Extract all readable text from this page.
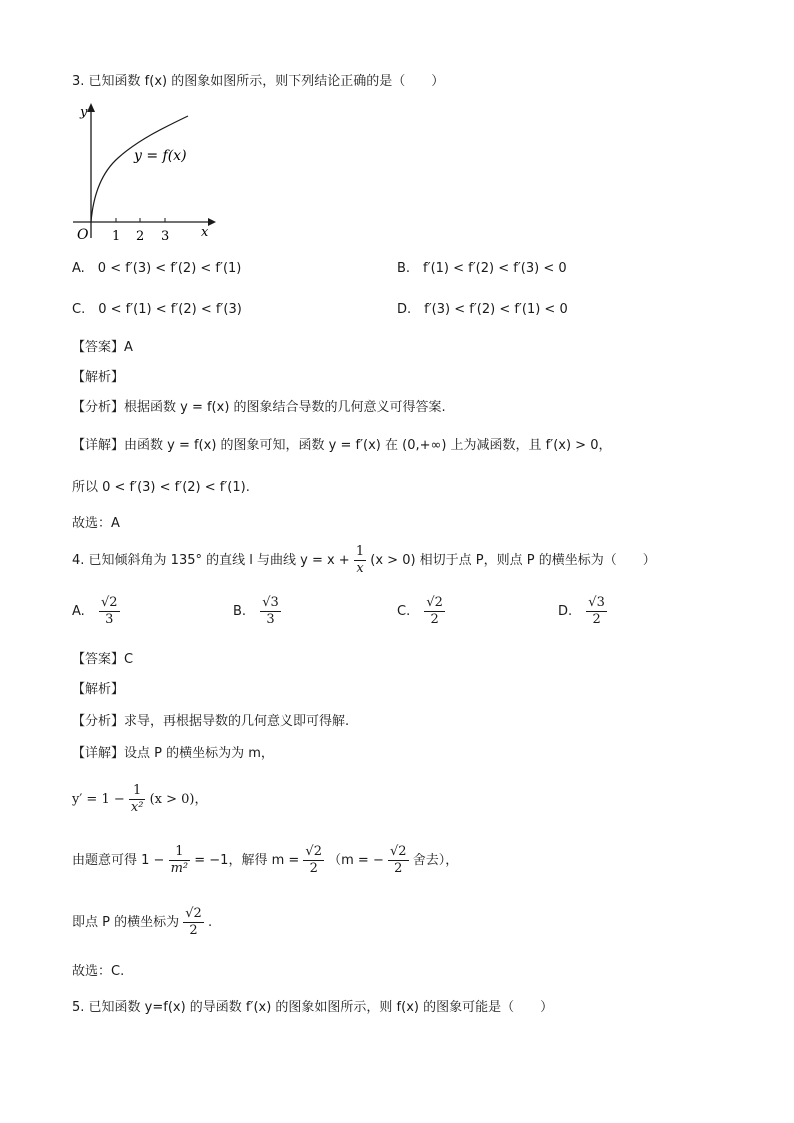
3. 已知函数 f(x) 的图象如图所示，则下列结论正确的是（　　）
y
x
O 1 2 3
y = f(x)
A.　0 < f′(3) < f′(2) < f′(1)	B.　f′(1) < f′(2) < f′(3) < 0
C.　0 < f′(1) < f′(2) < f′(3)	D.　f′(3) < f′(2) < f′(1) < 0
【答案】A
【解析】
【分析】根据函数 y = f(x) 的图象结合导数的几何意义可得答案.
【详解】由函数 y = f(x) 的图象可知，函数 y = f′(x) 在 (0,+∞) 上为减函数，且 f′(x) > 0，
所以 0 < f′(3) < f′(2) < f′(1).
故选：A
4. 已知倾斜角为 135° 的直线 l 与曲线 $y = x + \frac{1}{x} (x > 0)$ 相切于点 P，则点 P 的横坐标为（　　）
A. $\frac{√2}{3}$	B. $\frac{√3}{3}$	C. $\frac{√2}{2}$	D. $\frac{√3}{2}$
【答案】C
【解析】
【分析】求导，再根据导数的几何意义即可得解.
【详解】设点 P 的横坐标为为 m，
$y' = 1 - \frac{1}{\text{x²}} (x > 0)$，
由题意可得 $1 - \frac{1}{\text{m²}} = -1$，解得 $m = \frac{√2}{2} (m$ = − $\frac{√2}{2}$ 舍去），
即点 P 的横坐标为 $\frac{√2}{2}$ .
故选：C.
5. 已知函数 y=f(x) 的导函数 f′(x) 的图象如图所示，则 f(x) 的图象可能是（　　）
